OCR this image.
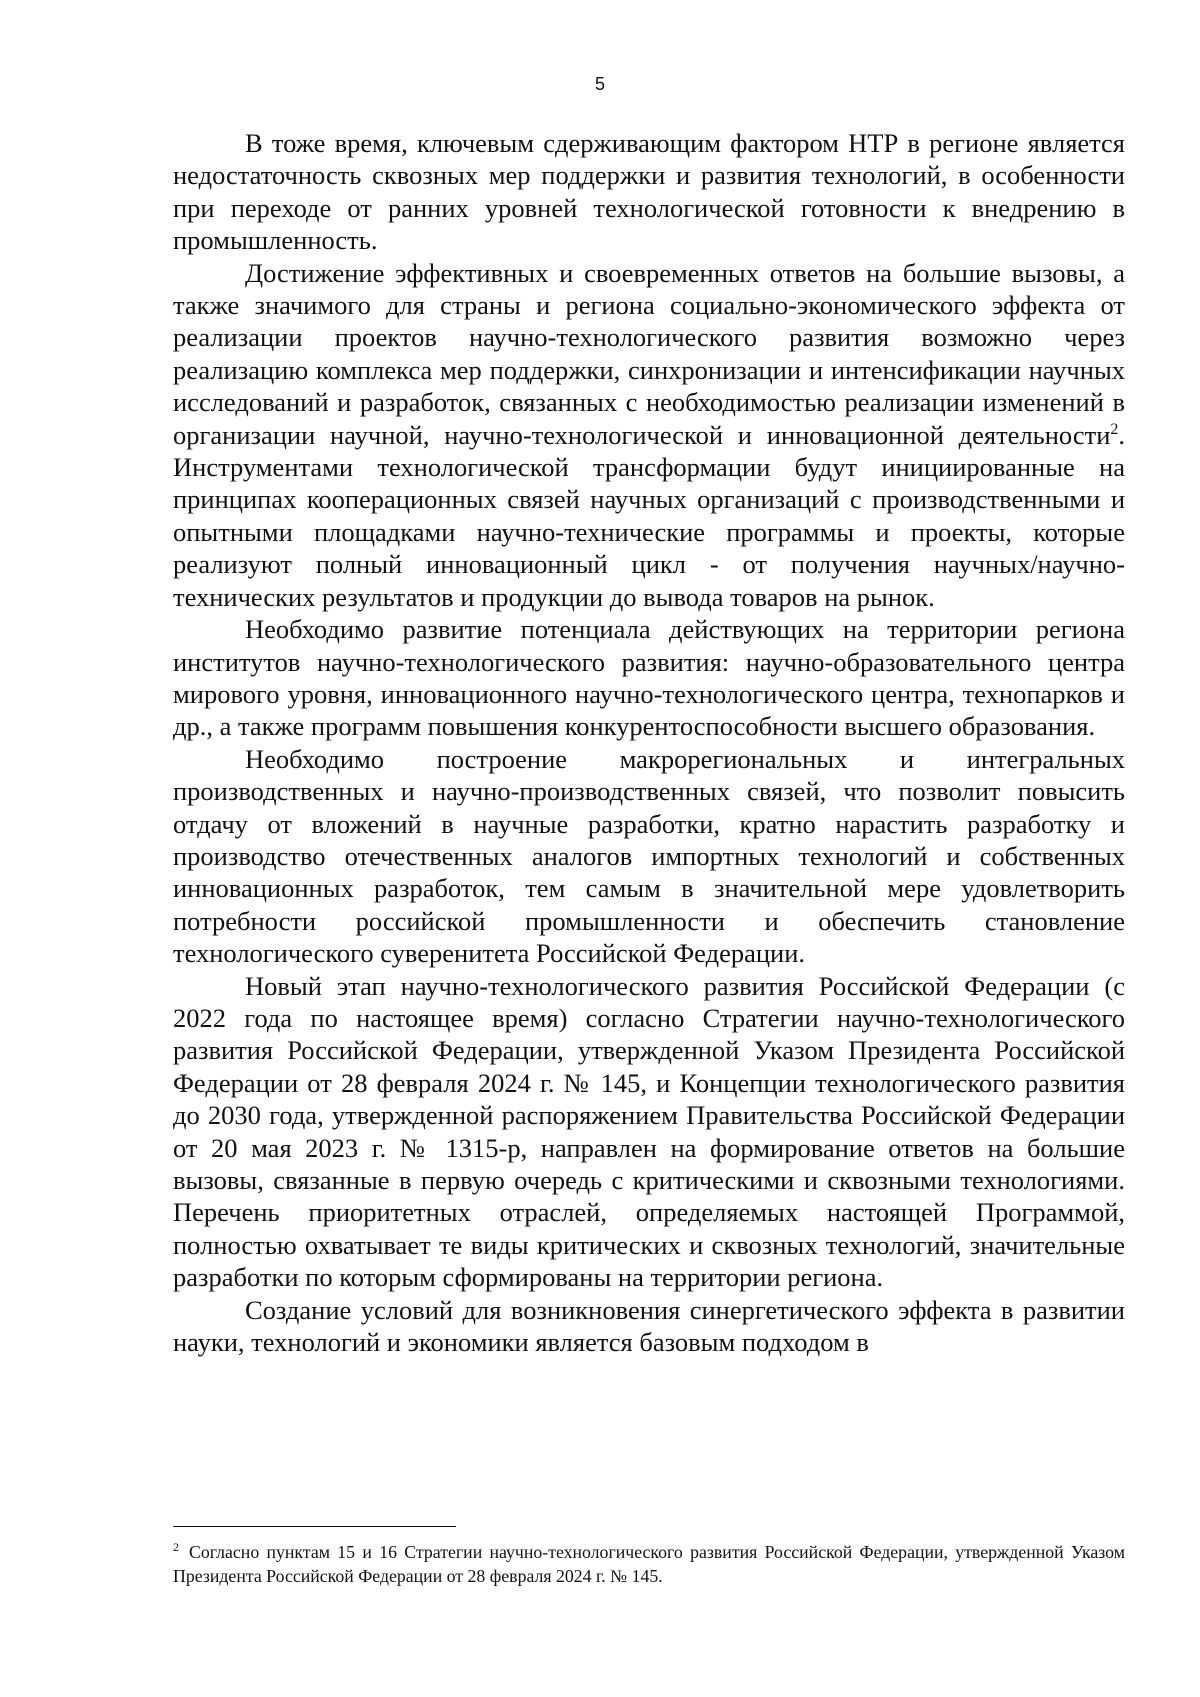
5

В тоже время, ключевым сдерживающим фактором НТР в регионе является недостаточность сквозных мер поддержки и развития технологий, в особенности при переходе от ранних уровней технологической готовности к внедрению в промышленность.

Достижение эффективных и своевременных ответов на большие вызовы, а также значимого для страны и региона социально-экономического эффекта от реализации проектов научно-технологического развития возможно через реализацию комплекса мер поддержки, синхронизации и интенсификации научных исследований и разработок, связанных с необходимостью реализации изменений в организации научной, научно-технологической и инновационной деятельности$^2$. Инструментами технологической трансформации будут инициированные на принципах кооперационных связей научных организаций с производственными и опытными площадками научно-технические программы и проекты, которые реализуют полный инновационный цикл - от получения научных/научно-технических результатов и продукции до вывода товаров на рынок.

Необходимо развитие потенциала действующих на территории региона институтов научно-технологического развития: научно-образовательного центра мирового уровня, инновационного научно-технологического центра, технопарков и др., а также программ повышения конкурентоспособности высшего образования.

Необходимо построение макрорегиональных и интегральных производственных и научно-производственных связей, что позволит повысить отдачу от вложений в научные разработки, кратно нарастить разработку и производство отечественных аналогов импортных технологий и собственных инновационных разработок, тем самым в значительной мере удовлетворить потребности российской промышленности и обеспечить становление технологического суверенитета Российской Федерации.

Новый этап научно-технологического развития Российской Федерации (с 2022 года по настоящее время) согласно Стратегии научно-технологического развития Российской Федерации, утвержденной Указом Президента Российской Федерации от 28 февраля 2024 г. № 145, и Концепции технологического развития до 2030 года, утвержденной распоряжением Правительства Российской Федерации от 20 мая 2023 г. № 1315-р, направлен на формирование ответов на большие вызовы, связанные в первую очередь с критическими и сквозными технологиями. Перечень приоритетных отраслей, определяемых настоящей Программой, полностью охватывает те виды критических и сквозных технологий, значительные разработки по которым сформированы на территории региона.

Создание условий для возникновения синергетического эффекта в развитии науки, технологий и экономики является базовым подходом в

$^2$ Согласно пунктам 15 и 16 Стратегии научно-технологического развития Российской Федерации, утвержденной Указом Президента Российской Федерации от 28 февраля 2024 г. № 145.
